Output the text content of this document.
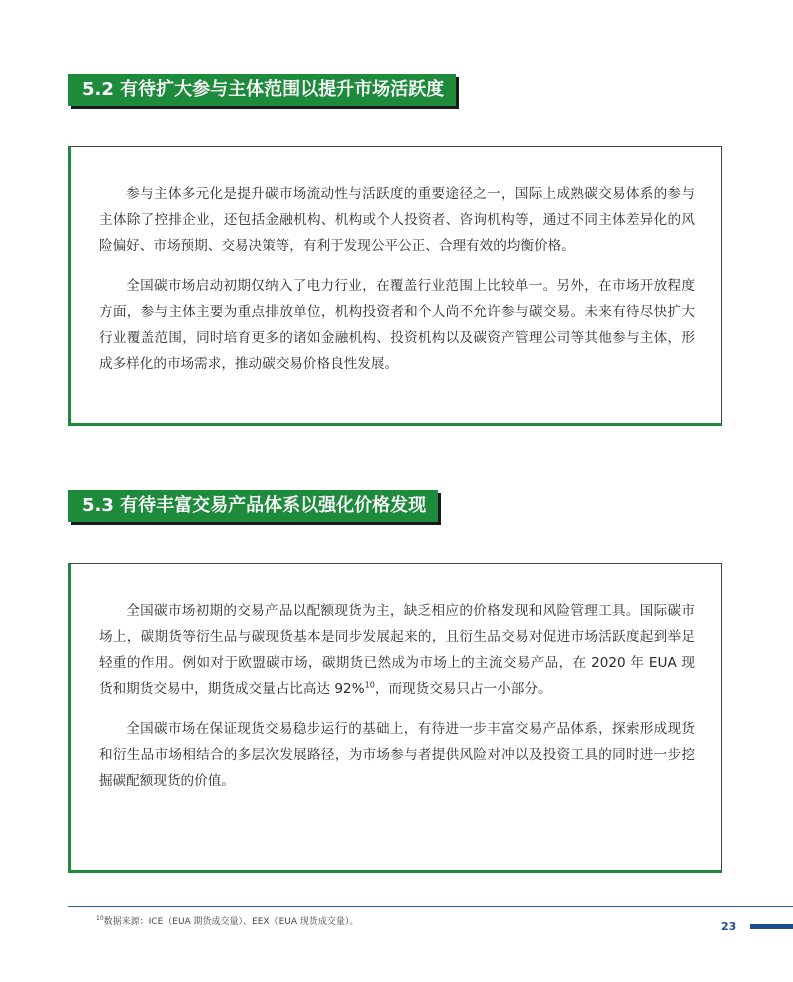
5.2 有待扩大参与主体范围以提升市场活跃度

参与主体多元化是提升碳市场流动性与活跃度的重要途径之一，国际上成熟碳交易体系的参与主体除了控排企业，还包括金融机构、机构或个人投资者、咨询机构等，通过不同主体差异化的风险偏好、市场预期、交易决策等，有利于发现公平公正、合理有效的均衡价格。

全国碳市场启动初期仅纳入了电力行业，在覆盖行业范围上比较单一。另外，在市场开放程度方面，参与主体主要为重点排放单位，机构投资者和个人尚不允许参与碳交易。未来有待尽快扩大行业覆盖范围，同时培育更多的诸如金融机构、投资机构以及碳资产管理公司等其他参与主体，形成多样化的市场需求，推动碳交易价格良性发展。

5.3 有待丰富交易产品体系以强化价格发现

全国碳市场初期的交易产品以配额现货为主，缺乏相应的价格发现和风险管理工具。国际碳市场上，碳期货等衍生品与碳现货基本是同步发展起来的，且衍生品交易对促进市场活跃度起到举足轻重的作用。例如对于欧盟碳市场，碳期货已然成为市场上的主流交易产品，在 2020 年 EUA 现货和期货交易中，期货成交量占比高达 92%$^{10}$，而现货交易只占一小部分。

全国碳市场在保证现货交易稳步运行的基础上，有待进一步丰富交易产品体系，探索形成现货和衍生品市场相结合的多层次发展路径，为市场参与者提供风险对冲以及投资工具的同时进一步挖掘碳配额现货的价值。

$^{10}$数据来源：ICE（EUA 期货成交量）、EEX（EUA 现货成交量）。	23
